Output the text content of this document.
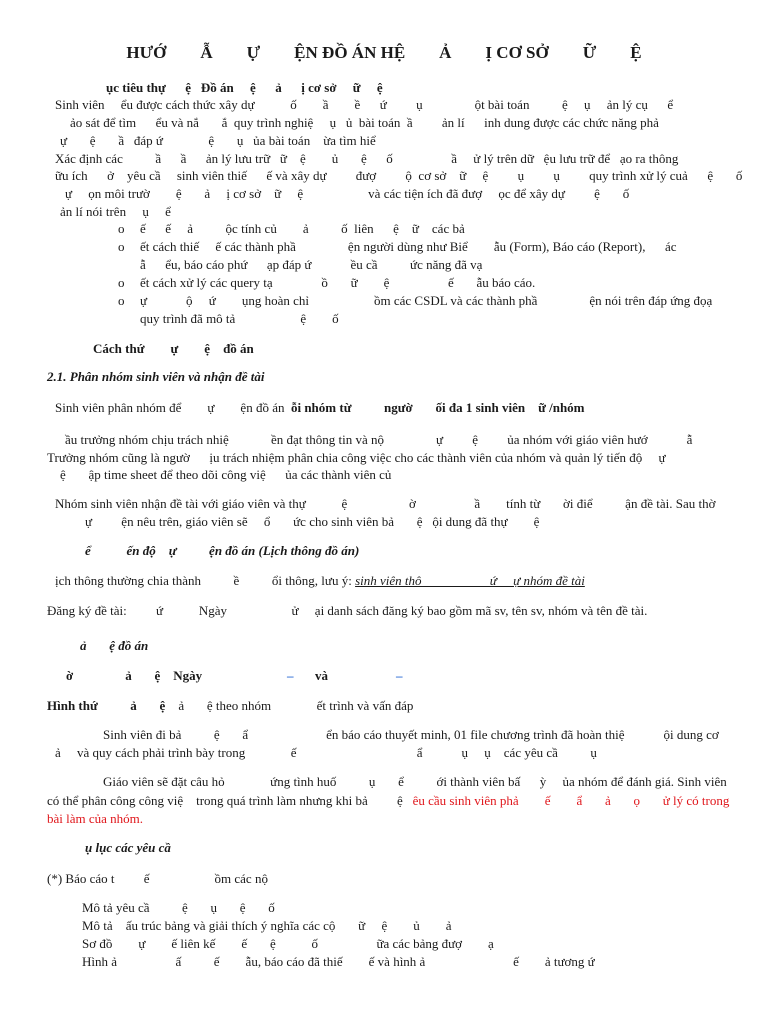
HƯỚ        Ẫ        Ự        ỆN ĐỒ ÁN HỆ        Ả        Ị CƠ SỞ        Ữ        Ệ
ục tiêu thự      ệ   Đồ án     ệ      ả      ị cơ sở     ữ     ệ
Sinh viên     ểu được cách thức xây dự           ố        ầ        ề      ứ         ụ                ột bài toán          ệ     ụ     ản lý cụ      ể
ảo sát để tìm      ểu và nắ       ắ  quy trình nghiệ     ụ   ủ  bài toán  ầ         ản lí      inh dung được các chức năng phả
ự       ệ       ầ   đáp ứ              ệ       ụ   ủa bài toán    ừa tìm hiể
Xác định các          ầ      ầ      ản lý lưu trữ   ữ    ệ        ủ       ệ      ố                  ầ     ử lý trên dữ   ệu lưu trữ để   ạo ra thông
ữu ích      ở    yêu cầ     sinh viên thiế      ế và xây dự         đượ         ộ  cơ sở    ữ     ệ         ụ         ụ         quy trình xử lý cuả      ệ       ố
ự     ọn môi trườ        ệ       ả     ị cơ sở    ữ     ệ                    và các tiện ích đã đượ     ọc để xây dự         ệ       ố
ản lí nói trên     ụ     ể
o ế      ế     ả          ộc tính củ        ả          ố  liên      ệ    ữ    các bả
o ết cách thiế     ế các thành phầ                ện người dùng như Biể        ẫu (Form), Báo cáo (Report),      ác
ẫ      ểu, báo cáo phứ      ạp đáp ứ            ều cầ          ức năng đã vạ
o ết cách xử lý các query tạ               ồ       ữ        ệ                  ế       ẫu báo cáo.
o ự            ộ     ứ        ụng hoàn chỉ                    ồm các CSDL và các thành phầ                ện nói trên đáp ứng đọạ
quy trình đã mô tả                    ệ        ố
Cách thứ        ự        ệ    đồ án
2.1. Phân nhóm sinh viên và nhận đề tài
Sinh viên phân nhóm để        ự        ện đồ án  ỗi nhóm từ          ngườ       ối đa 1 sinh viên    ữ /nhóm
ầu trưởng nhóm chịu trách nhiệ             ền đạt thông tin và nộ                ự         ệ         ủa nhóm với giáo viên hướ            ẫ
Trưởng nhóm cũng là ngườ      ịu trách nhiệm phân chia công việc cho các thành viên của nhóm và quản lý tiến độ     ự
ệ       ập time sheet để theo dõi công việ      ủa các thành viên củ
Nhóm sinh viên nhận đề tài với giáo viên và thự           ệ                   ờ                  ầ        tính từ       ời điể          ận đề tài. Sau thờ
ự         ện nêu trên, giáo viên sẽ     ổ       ức cho sinh viên bả       ệ   ội dung đã thự        ệ
ể           ến độ    ự          ện đồ án (Lịch thông đồ án)
ịch thông thường chia thành          ề          ổi thông, lưu ý: sinh viên thô                     ứ     ự nhóm đề tài
Đăng ký đề tài:         ứ           Ngày	ử     ại danh sách đăng ký bao gồm mã sv, tên sv, nhóm và tên đề tài.
ả       ệ đồ án
ờ                ả       ệ    Ngày	– và	–
Hình thứ          ả       ệ    ả       ệ theo nhóm              ết trình và vấn đáp
Sinh viên đi bả          ệ       ẩ                        ển báo cáo thuyết minh, 01 file chương trình đã hoàn thiệ            ội dung cơ
ả     và quy cách phải trình bày trong              ế                                     ẩ            ụ     ụ    các yêu cầ          ụ
Giáo viên sẽ đặt câu hỏ              ứng tình huố          ụ       ể          ới thành viên bấ      ỳ     ủa nhóm để đánh giá. Sinh viên
có thể phân công công việ    trong quá trình làm nhưng khi bả         ệ   êu cầu sinh viên phả        ế        ẩ       ả       ọ       ử lý có trong
bài làm của nhóm.
ụ lục các yêu cầ
(*) Báo cáo t         ế                    ồm các nộ
Mô tả yêu cầ          ệ       ụ       ệ       ố
Mô tả    ấu trúc bảng và giải thích ý nghĩa các cộ       ữ     ệ        ủ        ả
Sơ đồ        ự        ế liên kế        ế       ệ           ố                  ữa các bảng đượ        ạ
Hình ả                  ấ          ế        ẫu, báo cáo đã thiế        ế và hình ả                           ế        ả tương ứ
